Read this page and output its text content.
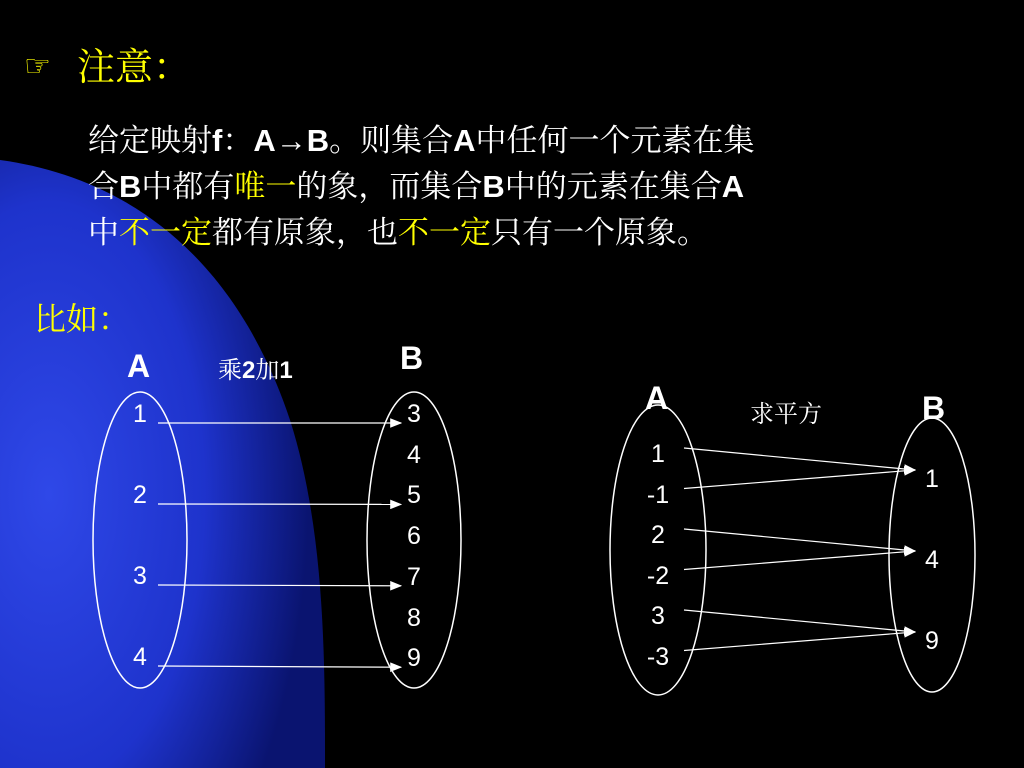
☞ 注意：
给定映射f：A→B。则集合A中任何一个元素在集
合B中都有唯一的象，而集合B中的元素在集合A
中不一定都有原象，也不一定只有一个原象。
比如：
A	B
乘2加1
A	B
求平方
1
2
3
4
3
4
5
6
7
8
9
1
-1
2
-2
3
-3
1
4
9
